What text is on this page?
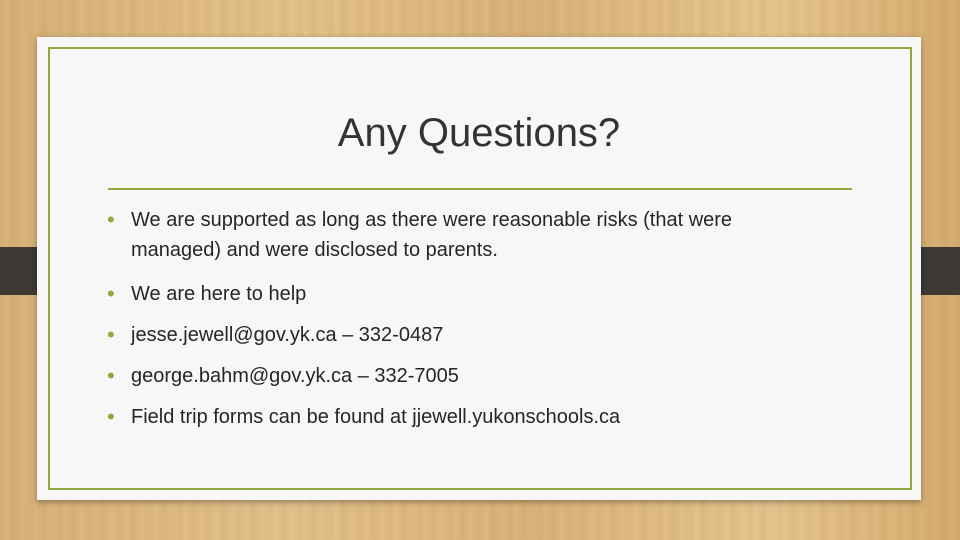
Any Questions?
• We are supported as long as there were reasonable risks (that were managed) and were disclosed to parents.
• We are here to help
• jesse.jewell@gov.yk.ca – 332-0487
• george.bahm@gov.yk.ca – 332-7005
• Field trip forms can be found at jjewell.yukonschools.ca
